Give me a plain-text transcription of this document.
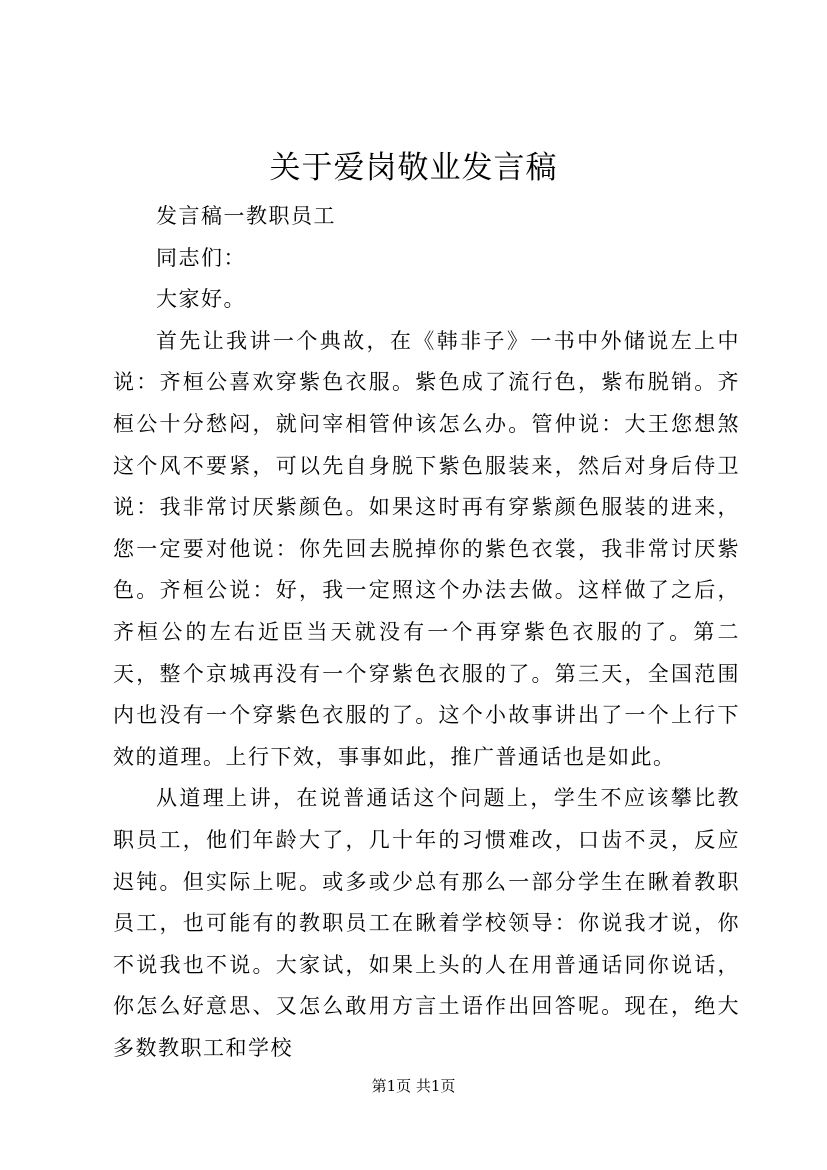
关于爱岗敬业发言稿

发言稿一教职员工

同志们：

大家好。

首先让我讲一个典故，在《韩非子》一书中外储说左上中说：齐桓公喜欢穿紫色衣服。紫色成了流行色，紫布脱销。齐桓公十分愁闷，就问宰相管仲该怎么办。管仲说：大王您想煞这个风不要紧，可以先自身脱下紫色服装来，然后对身后侍卫说：我非常讨厌紫颜色。如果这时再有穿紫颜色服装的进来，您一定要对他说：你先回去脱掉你的紫色衣裳，我非常讨厌紫色。齐桓公说：好，我一定照这个办法去做。这样做了之后，齐桓公的左右近臣当天就没有一个再穿紫色衣服的了。第二天，整个京城再没有一个穿紫色衣服的了。第三天，全国范围内也没有一个穿紫色衣服的了。这个小故事讲出了一个上行下效的道理。上行下效，事事如此，推广普通话也是如此。

从道理上讲，在说普通话这个问题上，学生不应该攀比教职员工，他们年龄大了，几十年的习惯难改，口齿不灵，反应迟钝。但实际上呢。或多或少总有那么一部分学生在瞅着教职员工，也可能有的教职员工在瞅着学校领导：你说我才说，你不说我也不说。大家试，如果上头的人在用普通话同你说话，你怎么好意思、又怎么敢用方言土语作出回答呢。现在，绝大多数教职工和学校

第1页 共1页
